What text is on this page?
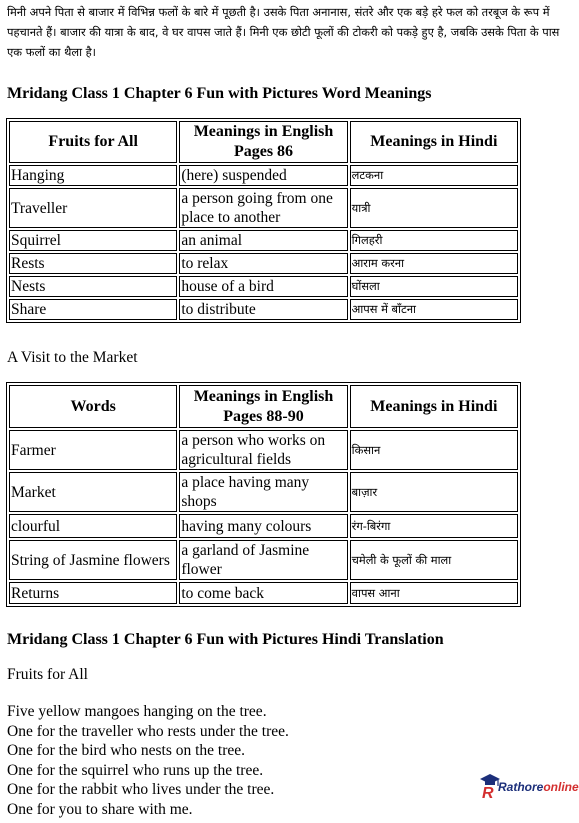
मिनी अपने पिता से बाजार में विभिन्न फलों के बारे में पूछती है। उसके पिता अनानास, संतरे और एक बड़े हरे फल को तरबूज के रूप में पहचानते हैं। बाजार की यात्रा के बाद, वे घर वापस जाते हैं। मिनी एक छोटी फूलों की टोकरी को पकड़े हुए है, जबकि उसके पिता के पास एक फलों का थैला है।
Mridang Class 1 Chapter 6 Fun with Pictures Word Meanings
Fruits for All	Meanings in English Pages 86	Meanings in Hindi
Hanging	(here) suspended	लटकना
Traveller	a person going from one place to another	यात्री
Squirrel	an animal	गिलहरी
Rests	to relax	आराम करना
Nests	house of a bird	घोंसला
Share	to distribute	आपस में बाँटना
A Visit to the Market
Words	Meanings in English Pages 88-90	Meanings in Hindi
Farmer	a person who works on agricultural fields	किसान
Market	a place having many shops	बाज़ार
clourful	having many colours	रंग-बिरंगा
String of Jasmine flowers	a garland of Jasmine flower	चमेली के फूलों की माला
Returns	to come back	वापस आना
Mridang Class 1 Chapter 6 Fun with Pictures Hindi Translation
Fruits for All
Five yellow mangoes hanging on the tree.
One for the traveller who rests under the tree.
One for the bird who nests on the tree.
One for the squirrel who runs up the tree.
One for the rabbit who lives under the tree.
One for you to share with me.
R Rathoreonline
